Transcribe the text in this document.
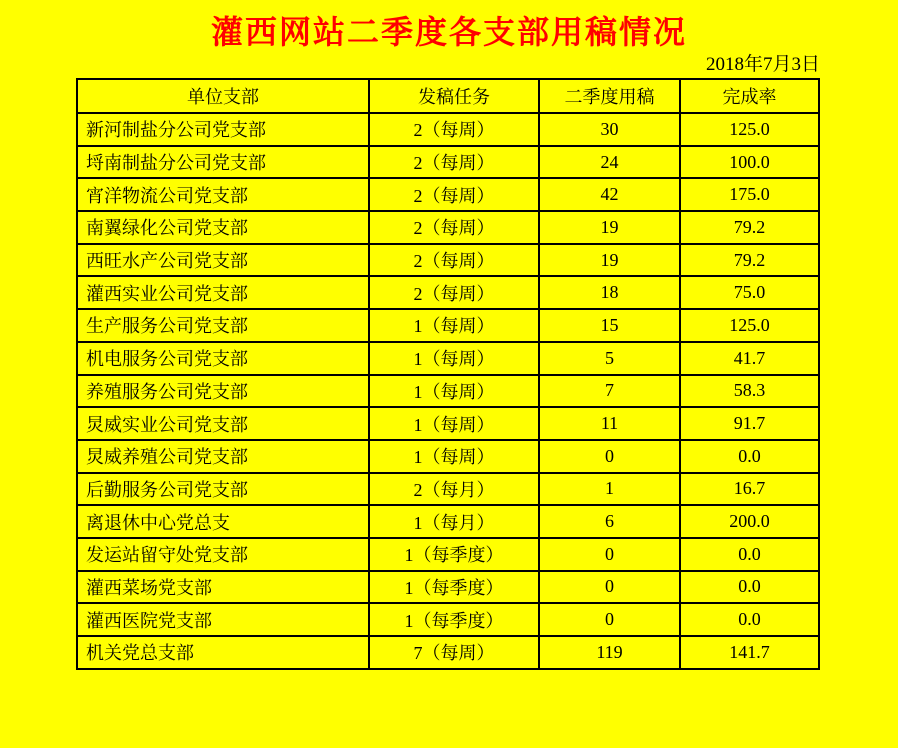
灌西网站二季度各支部用稿情况
2018年7月3日
单位支部	发稿任务	二季度用稿	完成率
新河制盐分公司党支部	2（每周）	30	125.0
埒南制盐分公司党支部	2（每周）	24	100.0
宵洋物流公司党支部	2（每周）	42	175.0
南翼绿化公司党支部	2（每周）	19	79.2
西旺水产公司党支部	2（每周）	19	79.2
灌西实业公司党支部	2（每周）	18	75.0
生产服务公司党支部	1（每周）	15	125.0
机电服务公司党支部	1（每周）	5	41.7
养殖服务公司党支部	1（每周）	7	58.3
炅威实业公司党支部	1（每周）	11	91.7
炅威养殖公司党支部	1（每周）	0	0.0
后勤服务公司党支部	2（每月）	1	16.7
离退休中心党总支	1（每月）	6	200.0
发运站留守处党支部	1（每季度）	0	0.0
灌西菜场党支部	1（每季度）	0	0.0
灌西医院党支部	1（每季度）	0	0.0
机关党总支部	7（每周）	119	141.7
